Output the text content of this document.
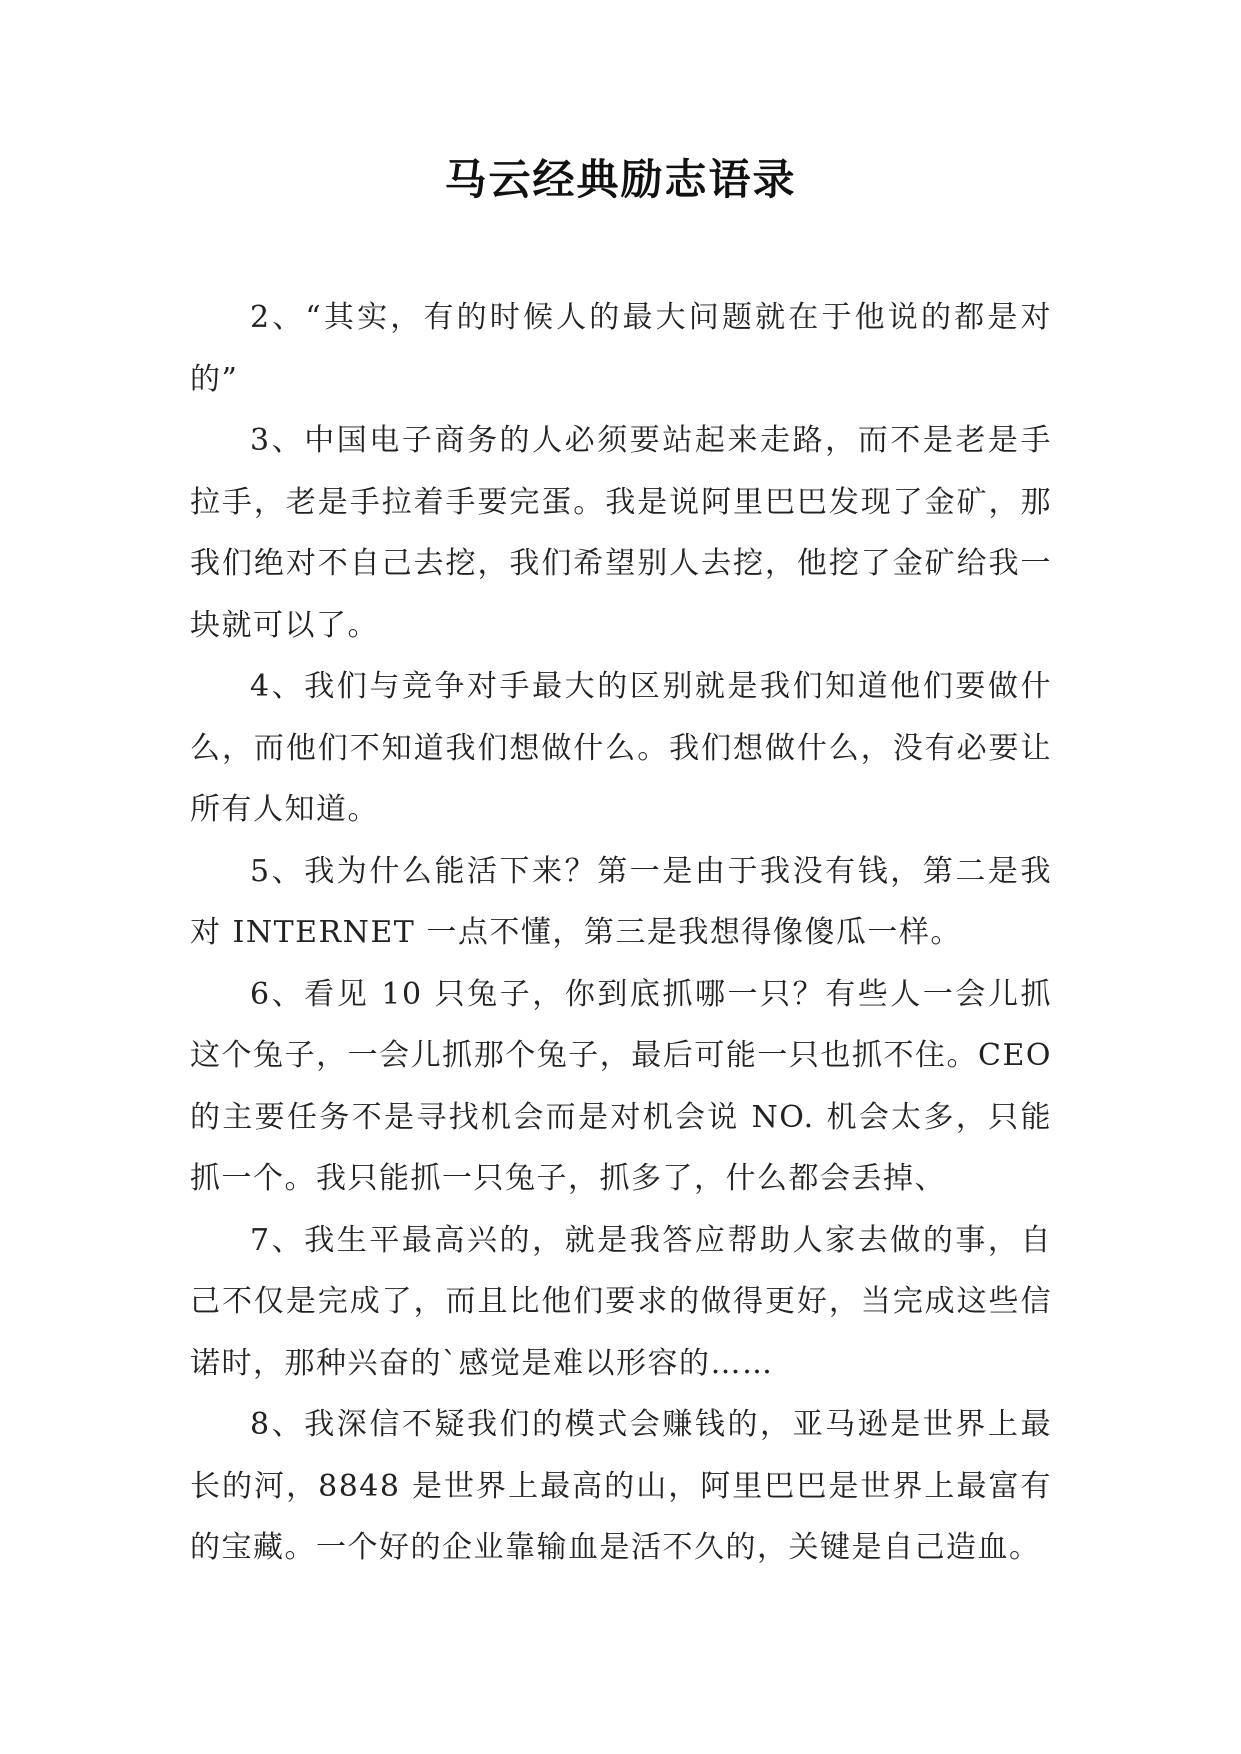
马云经典励志语录

2、“其实，有的时候人的最大问题就在于他说的都是对的”

3、中国电子商务的人必须要站起来走路，而不是老是手拉手，老是手拉着手要完蛋。我是说阿里巴巴发现了金矿，那我们绝对不自己去挖，我们希望别人去挖，他挖了金矿给我一块就可以了。

4、我们与竞争对手最大的区别就是我们知道他们要做什么，而他们不知道我们想做什么。我们想做什么，没有必要让所有人知道。

5、我为什么能活下来？第一是由于我没有钱，第二是我对 INTERNET 一点不懂，第三是我想得像傻瓜一样。

6、看见 10 只兔子，你到底抓哪一只？有些人一会儿抓这个兔子，一会儿抓那个兔子，最后可能一只也抓不住。CEO 的主要任务不是寻找机会而是对机会说 NO. 机会太多，只能抓一个。我只能抓一只兔子，抓多了，什么都会丢掉、

7、我生平最高兴的，就是我答应帮助人家去做的事，自己不仅是完成了，而且比他们要求的做得更好，当完成这些信诺时，那种兴奋的`感觉是难以形容的……

8、我深信不疑我们的模式会赚钱的，亚马逊是世界上最长的河，8848 是世界上最高的山，阿里巴巴是世界上最富有的宝藏。一个好的企业靠输血是活不久的，关键是自己造血。
